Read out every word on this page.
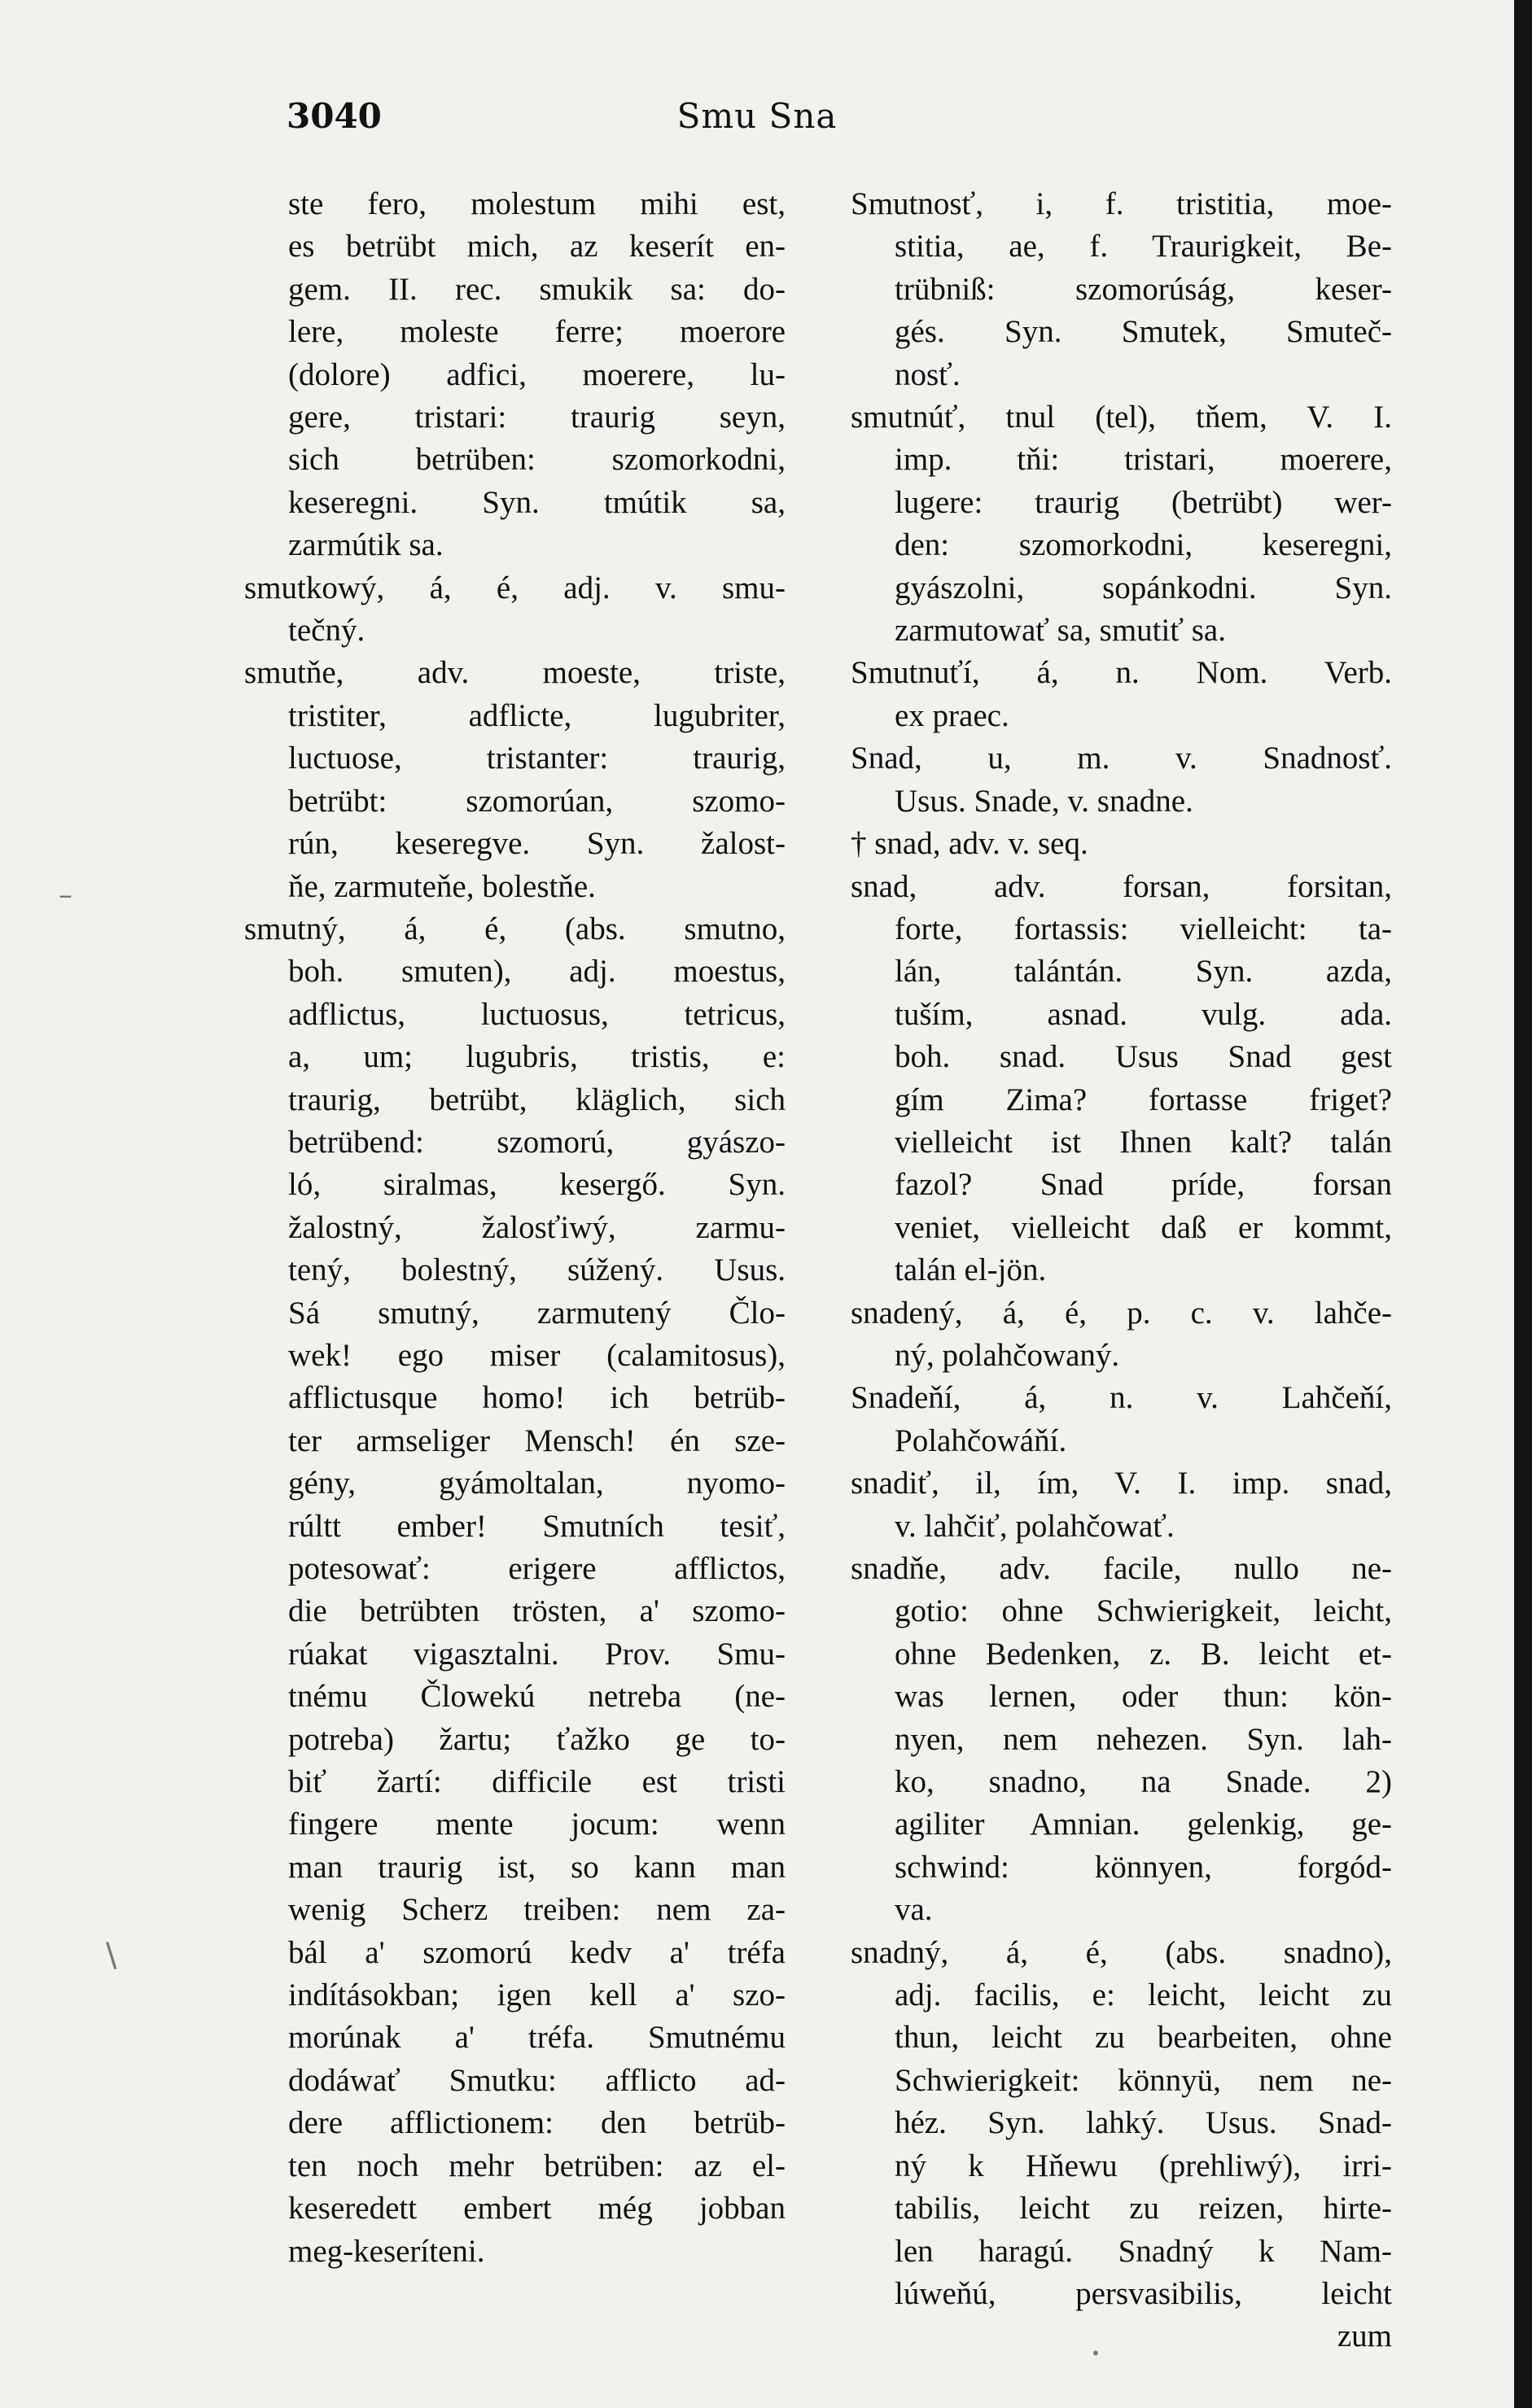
Smu Sna
3040
ste fero, molestum mihi est,
es betrübt mich, az keserít en-
gem. II. rec. smukik sa: do-
lere, moleste ferre; moerore
(dolore) adfici, moerere, lu-
gere, tristari: traurig seyn,
sich betrüben: szomorkodni,
keseregni. Syn. tmútik sa,
zarmútik sa.
smutkowý, á, é, adj. v. smu-
tečný.
smutňe, adv. moeste, triste,
tristiter, adflicte, lugubriter,
luctuose, tristanter: traurig,
betrübt: szomorúan, szomo-
rún, keseregve. Syn. žalost-
ňe, zarmuteňe, bolestňe.
smutný, á, é, (abs. smutno,
boh. smuten), adj. moestus,
adflictus, luctuosus, tetricus,
a, um; lugubris, tristis, e:
traurig, betrübt, kläglich, sich
betrübend: szomorú, gyászo-
ló, siralmas, kesergő. Syn.
žalostný, žalosťiwý, zarmu-
tený, bolestný, súžený. Usus.
Sá smutný, zarmutený Člo-
wek! ego miser (calamitosus),
afflictusque homo! ich betrüb-
ter armseliger Mensch! én sze-
gény, gyámoltalan, nyomo-
rúltt ember! Smutních tesiť,
potesowať: erigere afflictos,
die betrübten trösten, a' szomo-
rúakat vigasztalni. Prov. Smu-
tnému Člowekú netreba (ne-
potreba) žartu; ťažko ge to-
biť žartí: difficile est tristi
fingere mente jocum: wenn
man traurig ist, so kann man
wenig Scherz treiben: nem za-
bál a' szomorú kedv a' tréfa
indításokban; igen kell a' szo-
morúnak a' tréfa. Smutnému
dodáwať Smutku: afflicto ad-
dere afflictionem: den betrüb-
ten noch mehr betrüben: az el-
keseredett embert még jobban
meg-keseríteni.
Smutnosť, i, f. tristitia, moe-
stitia, ae, f. Traurigkeit, Be-
trübniß: szomorúság, keser-
gés. Syn. Smutek, Smuteč-
nosť.
smutnúť, tnul (tel), tňem, V. I.
imp. tňi: tristari, moerere,
lugere: traurig (betrübt) wer-
den: szomorkodni, keseregni,
gyászolni, sopánkodni. Syn.
zarmutowať sa, smutiť sa.
Smutnuťí, á, n. Nom. Verb.
ex praec.
Snad, u, m. v. Snadnosť.
Usus. Snade, v. snadne.
† snad, adv. v. seq.
snad, adv. forsan, forsitan,
forte, fortassis: vielleicht: ta-
lán, talántán. Syn. azda,
tuším, asnad. vulg. ada.
boh. snad. Usus Snad gest
gím Zima? fortasse friget?
vielleicht ist Ihnen kalt? talán
fazol? Snad príde, forsan
veniet, vielleicht daß er kommt,
talán el-jön.
snadený, á, é, p. c. v. lahče-
ný, polahčowaný.
Snadeňí, á, n. v. Lahčeňí,
Polahčowáňí.
snadiť, il, ím, V. I. imp. snad,
v. lahčiť, polahčowať.
snadňe, adv. facile, nullo ne-
gotio: ohne Schwierigkeit, leicht,
ohne Bedenken, z. B. leicht et-
was lernen, oder thun: kön-
nyen, nem nehezen. Syn. lah-
ko, snadno, na Snade. 2)
agiliter Amnian. gelenkig, ge-
schwind: könnyen, forgód-
va.
snadný, á, é, (abs. snadno),
adj. facilis, e: leicht, leicht zu
thun, leicht zu bearbeiten, ohne
Schwierigkeit: könnyü, nem ne-
héz. Syn. lahký. Usus. Snad-
ný k Hňewu (prehliwý), irri-
tabilis, leicht zu reizen, hirte-
len haragú. Snadný k Nam-
lúweňú, persvasibilis, leicht
zum
\
–
•
